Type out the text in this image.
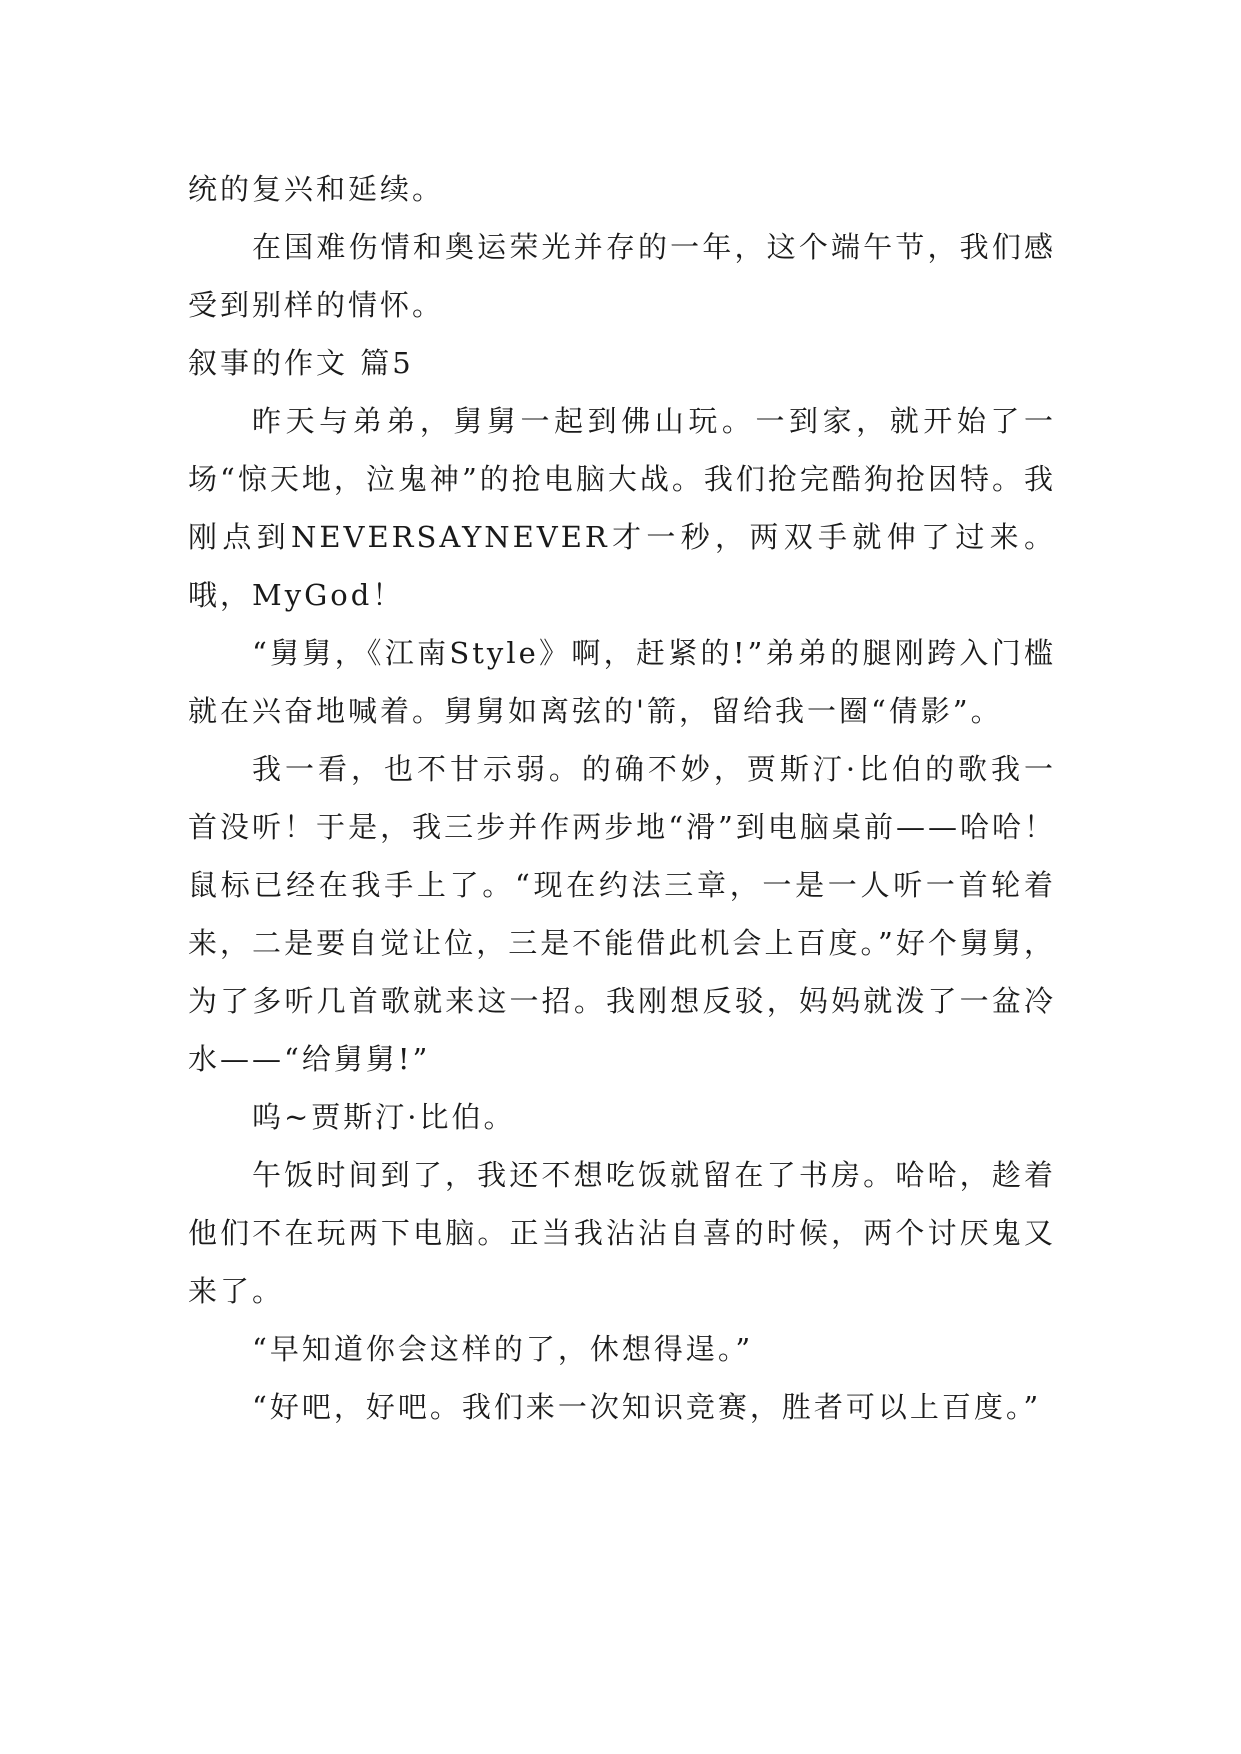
统的复兴和延续。

在国难伤情和奥运荣光并存的一年，这个端午节，我们感受到别样的情怀。

叙事的作文 篇5

昨天与弟弟，舅舅一起到佛山玩。一到家，就开始了一场“惊天地，泣鬼神”的抢电脑大战。我们抢完酷狗抢因特。我刚点到NEVERSAYNEVER才一秒，两双手就伸了过来。哦，MyGod！

“舅舅，《江南Style》啊，赶紧的!”弟弟的腿刚跨入门槛就在兴奋地喊着。舅舅如离弦的'箭，留给我一圈“倩影”。

我一看，也不甘示弱。的确不妙，贾斯汀·比伯的歌我一首没听！于是，我三步并作两步地“滑”到电脑桌前——哈哈！鼠标已经在我手上了。“现在约法三章，一是一人听一首轮着来，二是要自觉让位，三是不能借此机会上百度。”好个舅舅，为了多听几首歌就来这一招。我刚想反驳，妈妈就泼了一盆冷水——“给舅舅!”

呜~贾斯汀·比伯。

午饭时间到了，我还不想吃饭就留在了书房。哈哈，趁着他们不在玩两下电脑。正当我沾沾自喜的时候，两个讨厌鬼又来了。

“早知道你会这样的了，休想得逞。”

“好吧，好吧。我们来一次知识竞赛，胜者可以上百度。”
